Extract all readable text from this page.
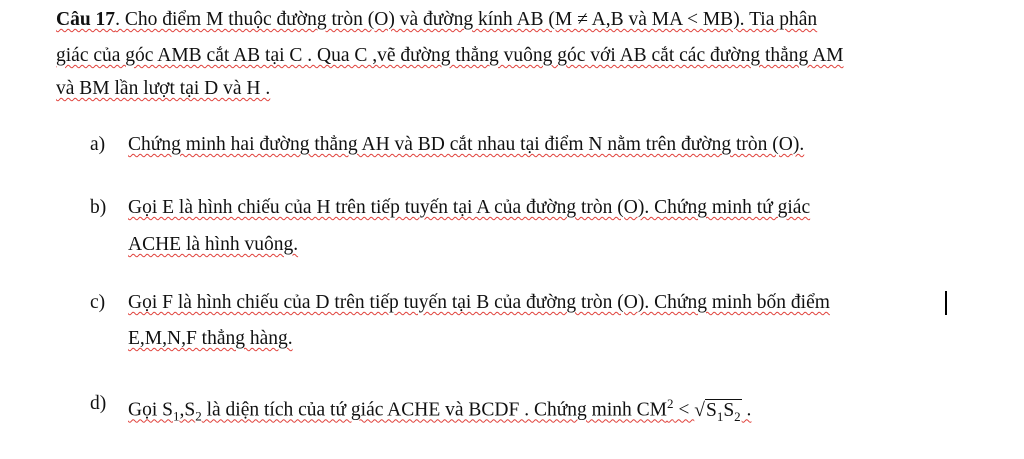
Câu 17. Cho điểm M thuộc đường tròn (O) và đường kính AB (M ≠ A,B và MA < MB). Tia phân
giác của góc AMB cắt AB tại C . Qua C ,vẽ đường thẳng vuông góc với AB cắt các đường thẳng AM
và BM lần lượt tại D và H .
a) Chứng minh hai đường thẳng AH và BD cắt nhau tại điểm N nằm trên đường tròn (O).
b) Gọi E là hình chiếu của H trên tiếp tuyến tại A của đường tròn (O). Chứng minh tứ giác
ACHE là hình vuông.
c) Gọi F là hình chiếu của D trên tiếp tuyến tại B của đường tròn (O). Chứng minh bốn điểm
E,M,N,F thẳng hàng.
d) Gọi $S_1,S_2$ là diện tích của tứ giác ACHE và BCDF . Chứng minh $CM^2 < √S_1S_2$ .
